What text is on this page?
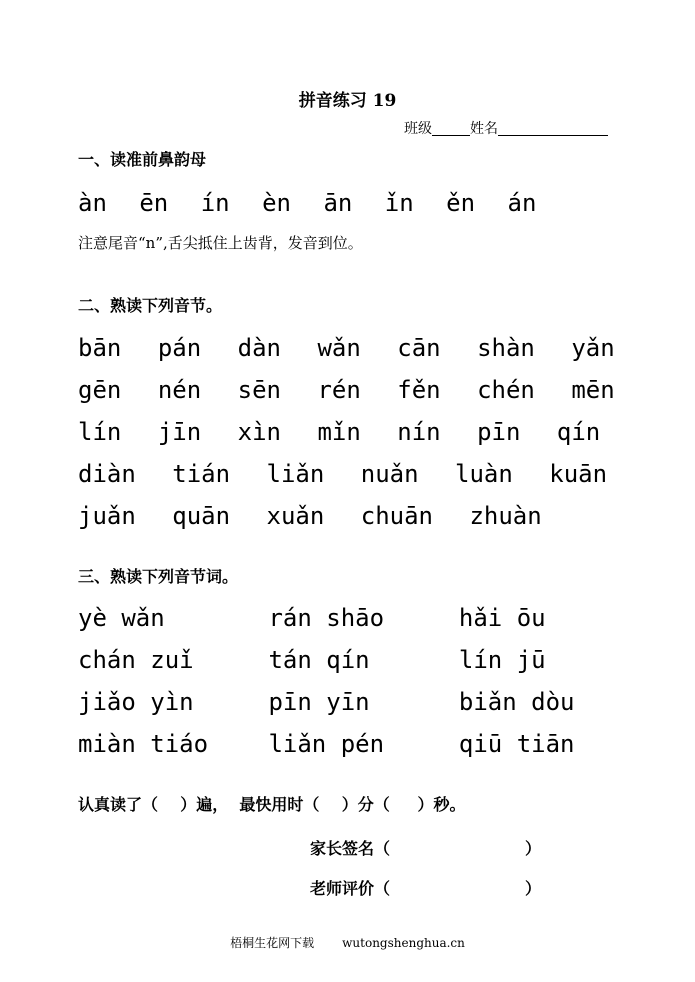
拼音练习 19
班级	姓名
一、读准前鼻韵母
àn ēn ín èn ān ǐn ěn án
注意尾音“n”,舌尖抵住上齿背，发音到位。
二、熟读下列音节。
bān pán dàn wǎn cān shàn yǎn
gēn nén sēn rén fěn chén mēn
lín jīn xìn mǐn nín pīn qín
diàn tián liǎn nuǎn luàn kuān
juǎn quān xuǎn chuān zhuàn
三、熟读下列音节词。
yè wǎn	rán shāo	hǎi ōu
chán zuǐ	tán qín	lín jū
jiǎo yìn	pīn yīn	biǎn dòu
miàn tiáo	liǎn pén	qiū tiān
认真读了（    ）遍，  最快用时（    ）分（     ）秒。
家长签名（	）
老师评价（	）
梧桐生花网下载 wutongshenghua.cn
